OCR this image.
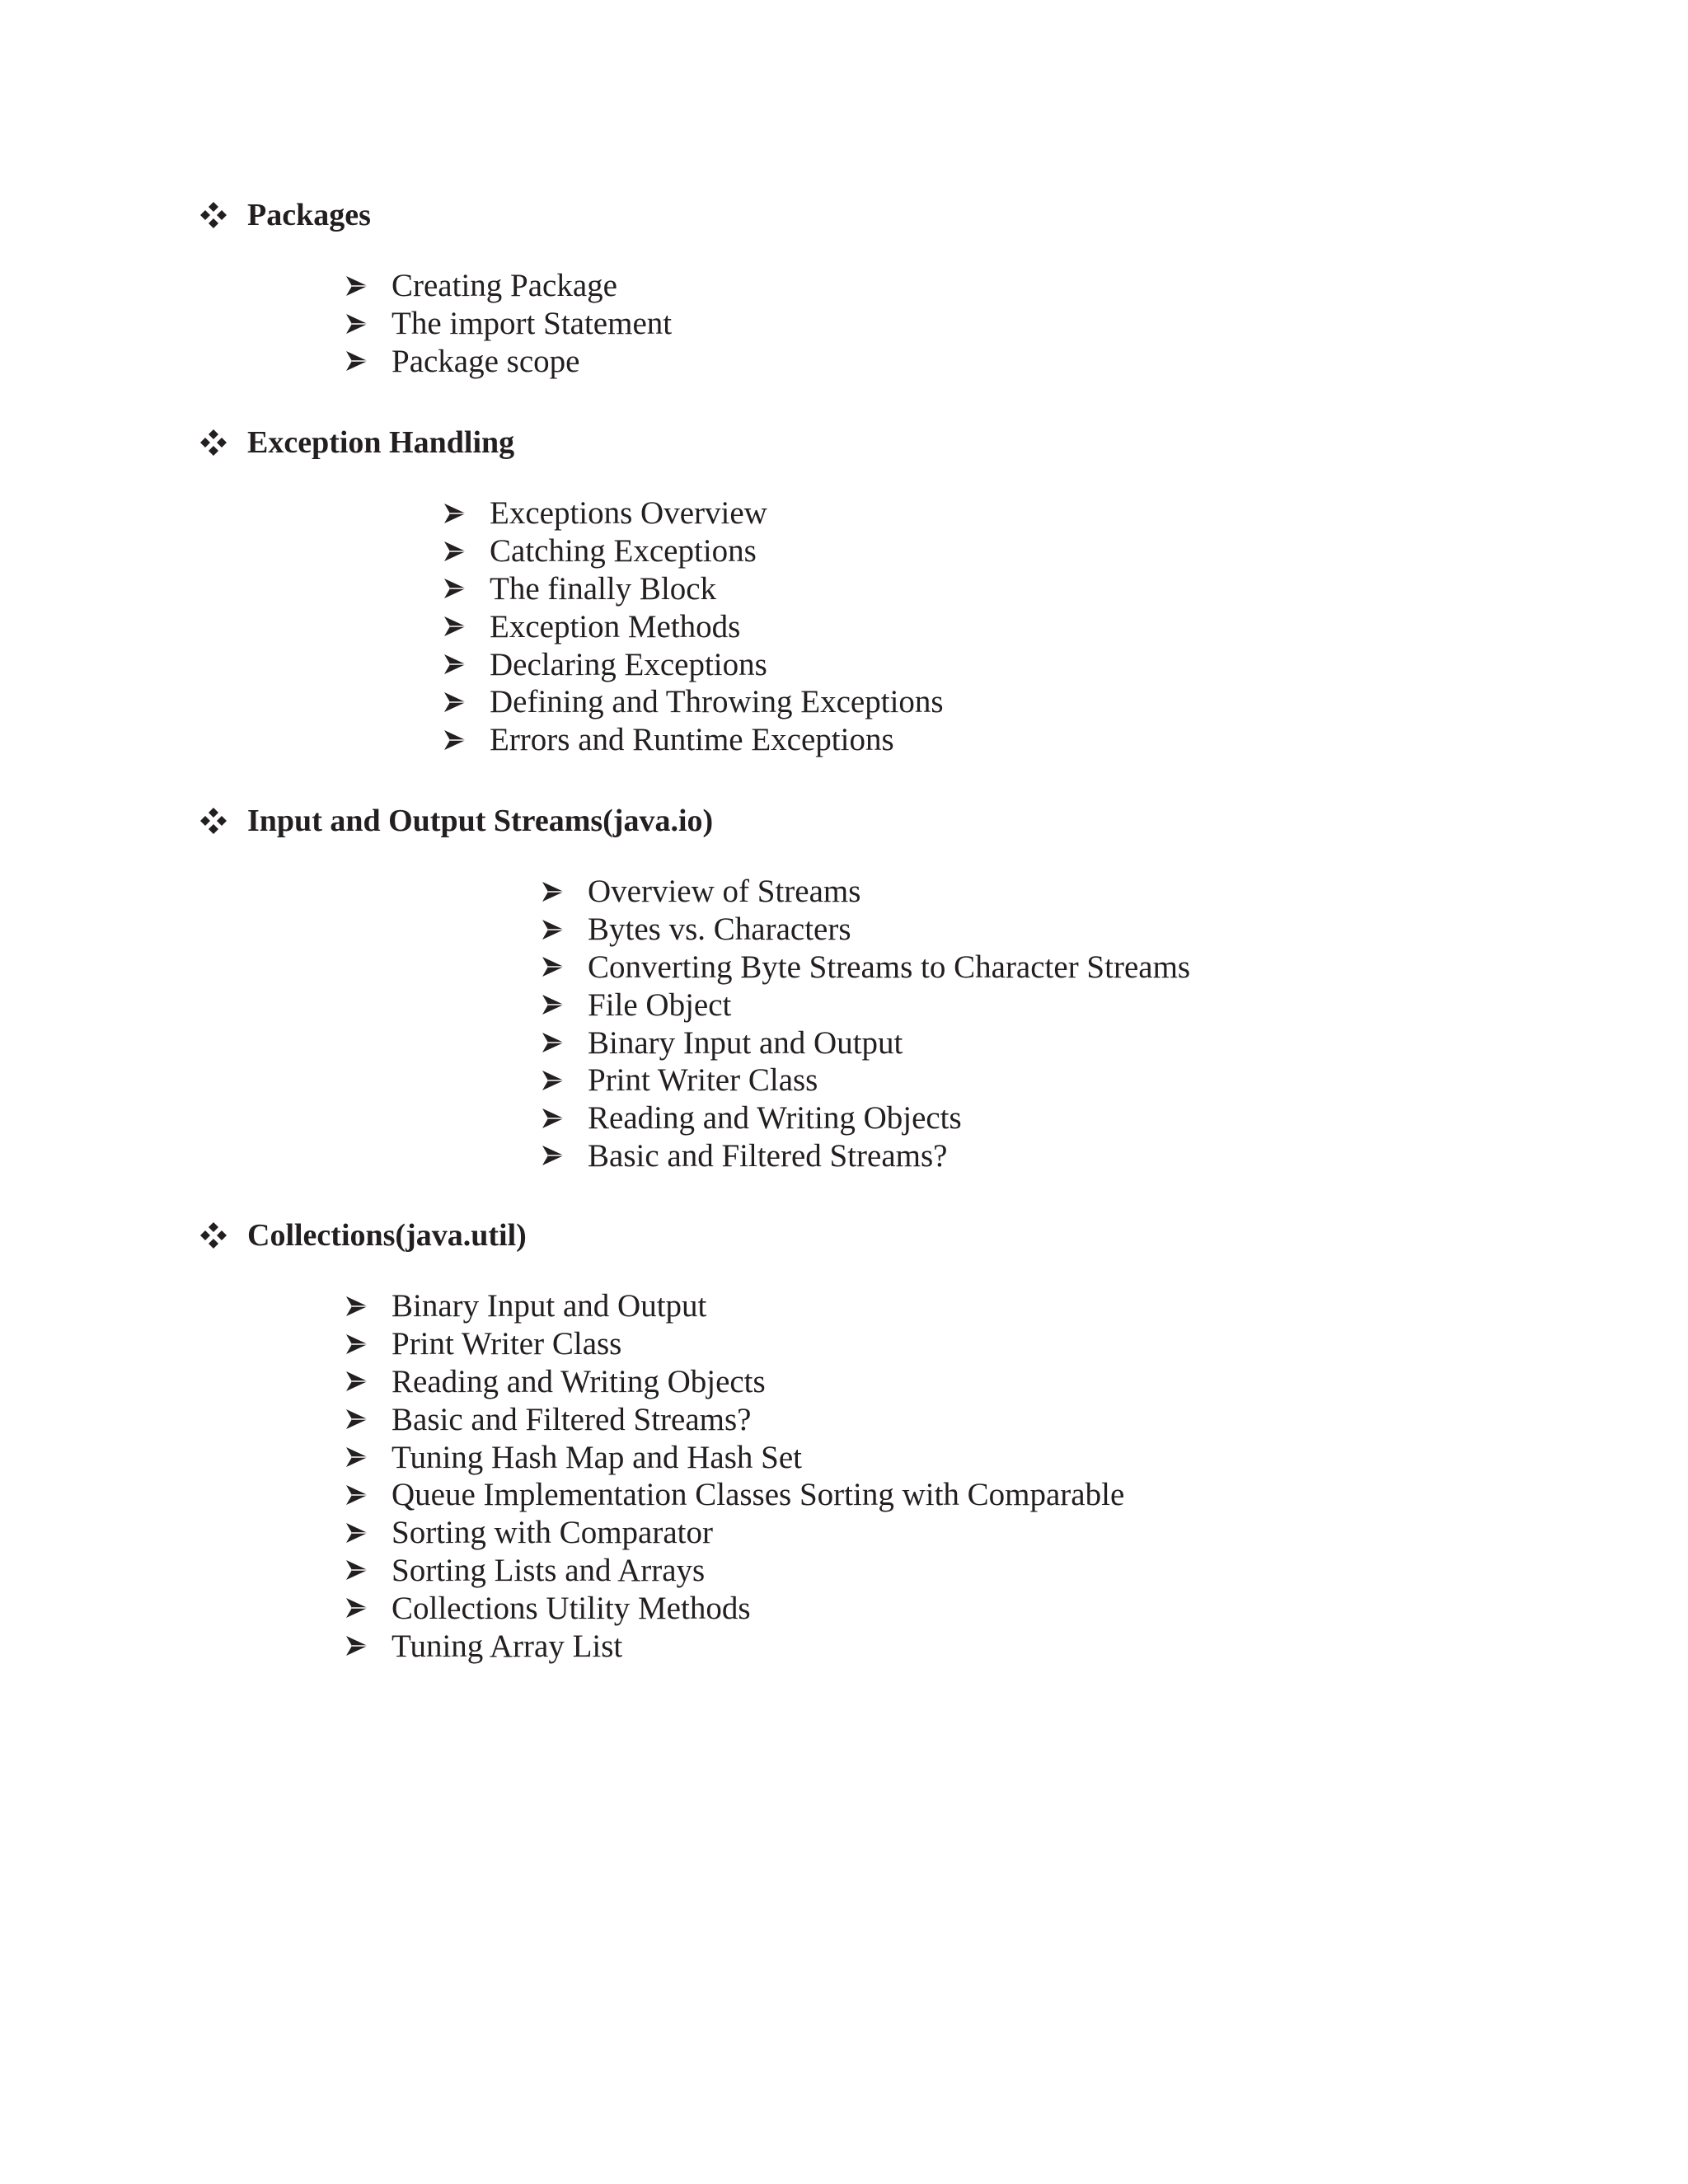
Packages
Creating Package
The import Statement
Package scope
Exception Handling
Exceptions Overview
Catching Exceptions
The finally Block
Exception Methods
Declaring Exceptions
Defining and Throwing Exceptions
Errors and Runtime Exceptions
Input and Output Streams(java.io)
Overview of Streams
Bytes vs. Characters
Converting Byte Streams to Character Streams
File Object
Binary Input and Output
Print Writer Class
Reading and Writing Objects
Basic and Filtered Streams?
Collections(java.util)
Binary Input and Output
Print Writer Class
Reading and Writing Objects
Basic and Filtered Streams?
Tuning Hash Map and Hash Set
Queue Implementation Classes Sorting with Comparable
Sorting with Comparator
Sorting Lists and Arrays
Collections Utility Methods
Tuning Array List
